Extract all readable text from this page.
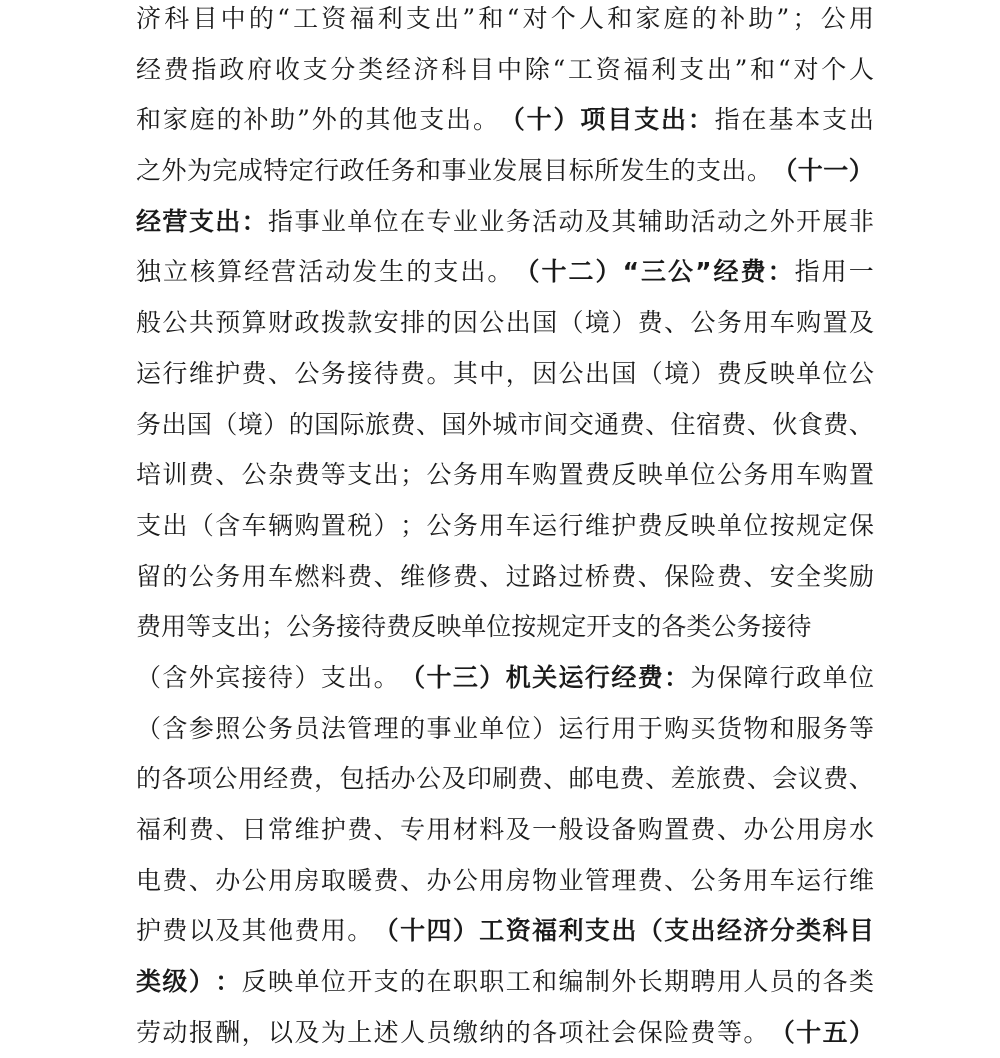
济 科 目 中 的 “ 工 资 福 利 支 出 ” 和 “ 对 个 人 和 家 庭 的 补 助 ” ； 公 用
经 费 指 政 府 收 支 分 类 经 济 科 目 中 除 “ 工 资 福 利 支 出 ” 和 “ 对 个 人
和 家 庭 的 补 助 ” 外 的 其 他 支 出 。 （ 十 ） 项 目 支 出 ： 指 在 基 本 支 出
之 外 为 完 成 特 定 行 政 任 务 和 事 业 发 展 目 标 所 发 生 的 支 出 。 （ 十 一 ）
经 营 支 出 ： 指 事 业 单 位 在 专 业 业 务 活 动 及 其 辅 助 活 动 之 外 开 展 非
独 立 核 算 经 营 活 动 发 生 的 支 出 。 （ 十 二 ） “ 三 公 ” 经 费 ： 指 用 一
般 公 共 预 算 财 政 拨 款 安 排 的 因 公 出 国 （ 境 ） 费 、 公 务 用 车 购 置 及
运 行 维 护 费 、 公 务 接 待 费 。 其 中 ， 因 公 出 国 （ 境 ） 费 反 映 单 位 公
务 出 国 （ 境 ） 的 国 际 旅 费 、 国 外 城 市 间 交 通 费 、 住 宿 费 、 伙 食 费 、
培 训 费 、 公 杂 费 等 支 出 ； 公 务 用 车 购 置 费 反 映 单 位 公 务 用 车 购 置
支 出 （ 含 车 辆 购 置 税 ） ； 公 务 用 车 运 行 维 护 费 反 映 单 位 按 规 定 保
留 的 公 务 用 车 燃 料 费 、 维 修 费 、 过 路 过 桥 费 、 保 险 费 、 安 全 奖 励
费 用 等 支 出 ； 公 务 接 待 费 反 映 单 位 按 规 定 开 支 的 各 类 公 务 接 待
（ 含 外 宾 接 待 ） 支 出 。 （ 十 三 ） 机 关 运 行 经 费 ： 为 保 障 行 政 单 位
（ 含 参 照 公 务 员 法 管 理 的 事 业 单 位 ） 运 行 用 于 购 买 货 物 和 服 务 等
的 各 项 公 用 经 费 ， 包 括 办 公 及 印 刷 费 、 邮 电 费 、 差 旅 费 、 会 议 费 、
福 利 费 、 日 常 维 护 费 、 专 用 材 料 及 一 般 设 备 购 置 费 、 办 公 用 房 水
电 费 、 办 公 用 房 取 暖 费 、 办 公 用 房 物 业 管 理 费 、 公 务 用 车 运 行 维
护 费 以 及 其 他 费 用 。 （ 十 四 ） 工 资 福 利 支 出 （ 支 出 经 济 分 类 科 目
类 级 ） ： 反 映 单 位 开 支 的 在 职 职 工 和 编 制 外 长 期 聘 用 人 员 的 各 类
劳 动 报 酬 ， 以 及 为 上 述 人 员 缴 纳 的 各 项 社 会 保 险 费 等 。 （ 十 五 ）
